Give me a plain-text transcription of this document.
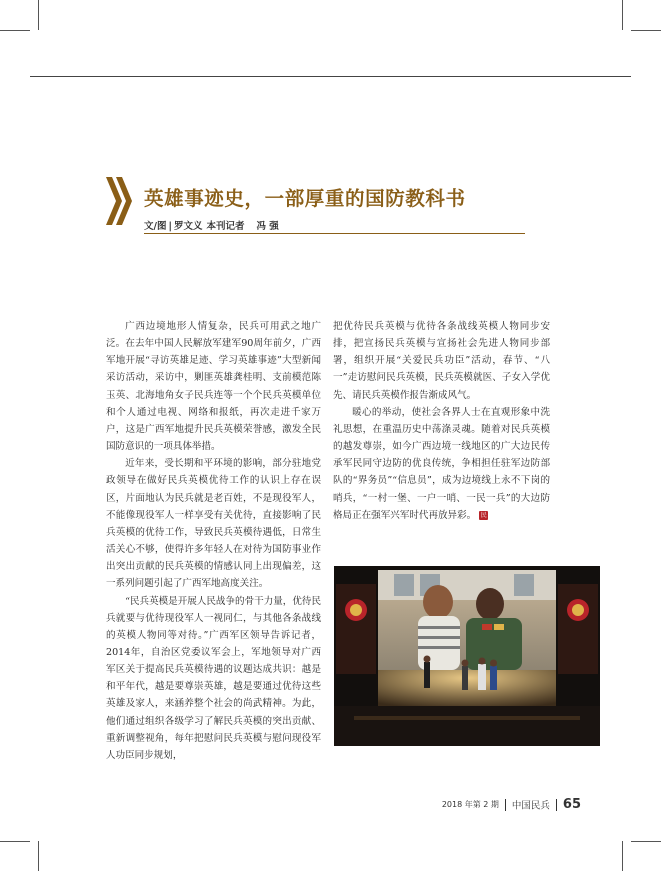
英雄事迹史，一部厚重的国防教科书
文/图 | 罗文义 本刊记者 冯 强

广西边境地形人情复杂，民兵可用武之地广泛。在去年中国人民解放军建军90周年前夕，广西军地开展“寻访英雄足迹、学习英雄事迹”大型新闻采访活动，采访中，剿匪英雄龚桂明、支前模范陈玉英、北海地角女子民兵连等一个个民兵英模单位和个人通过电视、网络和报纸，再次走进千家万户，这是广西军地提升民兵英模荣誉感，激发全民国防意识的一项具体举措。

近年来，受长期和平环境的影响，部分驻地党政领导在做好民兵英模优待工作的认识上存在误区，片面地认为民兵就是老百姓，不是现役军人，不能像现役军人一样享受有关优待，直接影响了民兵英模的优待工作，导致民兵英模待遇低，日常生活关心不够，使得许多年轻人在对待为国防事业作出突出贡献的民兵英模的情感认同上出现偏差，这一系列问题引起了广西军地高度关注。

“民兵英模是开展人民战争的骨干力量，优待民兵就要与优待现役军人一视同仁，与其他各条战线的英模人物同等对待。”广西军区领导告诉记者，2014年，自治区党委议军会上，军地领导对广西军区关于提高民兵英模待遇的议题达成共识：越是和平年代，越是要尊崇英雄，越是要通过优待这些英雄及家人，来涵养整个社会的尚武精神。为此，他们通过组织各级学习了解民兵英模的突出贡献、重新调整视角，每年把慰问民兵英模与慰问现役军人功臣同步规划，

把优待民兵英模与优待各条战线英模人物同步安排，把宣扬民兵英模与宣扬社会先进人物同步部署，组织开展“关爱民兵功臣”活动，春节、“八一”走访慰问民兵英模，民兵英模就医、子女入学优先、请民兵英模作报告渐成风气。

暖心的举动，使社会各界人士在直观形象中洗礼思想，在重温历史中荡涤灵魂。随着对民兵英模的越发尊崇，如今广西边境一线地区的广大边民传承军民同守边防的优良传统，争相担任驻军边防部队的“界务员”“信息员”，成为边境线上永不下岗的哨兵，“一村一堡、一户一哨、一民一兵”的大边防格局正在强军兴军时代再放异彩。 民

2018 年第 2 期 中国民兵 65
